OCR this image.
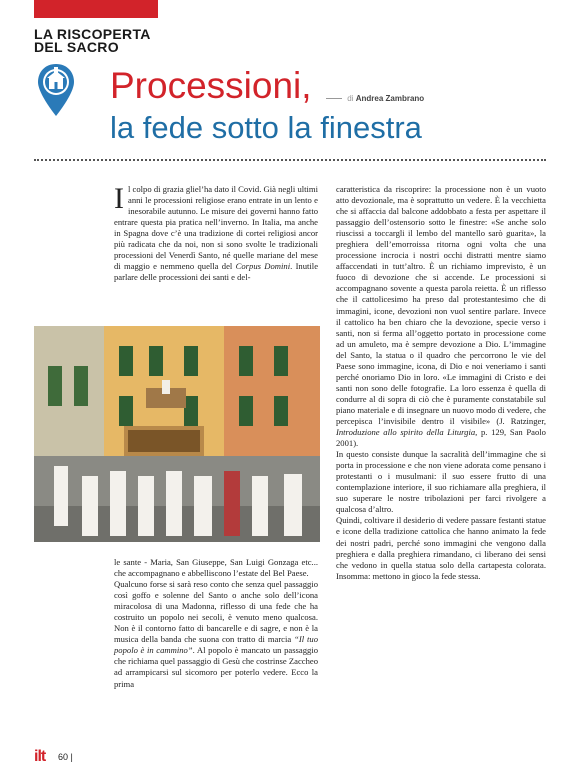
LA RISCOPERTA
DEL SACRO
Processioni,
la fede sotto la finestra
di Andrea Zambrano

Il colpo di grazia glielʼha dato il Covid. Già negli ultimi anni le processioni religiose erano entrate in un lento e inesorabile autunno. Le misure dei governi hanno fatto entrare questa pia pratica nellʼinverno. In Italia, ma anche in Spagna dove cʼè una tradizione di cortei religiosi ancor più radicata che da noi, non si sono svolte le tradizionali processioni del Venerdì Santo, né quelle mariane del mese di maggio e nemmeno quella del Corpus Domini. Inutile parlare delle processioni dei santi e del-

le sante - Maria, San Giuseppe, San Luigi Gonzaga etc... che accompagnano e abbelliscono lʼestate del Bel Paese.

Qualcuno forse si sarà reso conto che senza quel passaggio così goffo e solenne del Santo o anche solo dellʼicona miracolosa di una Madonna, riflesso di una fede che ha costruito un popolo nei secoli, è venuto meno qualcosa. Non è il contorno fatto di bancarelle e di sagre, e non è la musica della banda che suona con tratto di marcia “Il tuo popolo è in cammino”. Al popolo è mancato un passaggio che richiama quel passaggio di Gesù che costrinse Zaccheo ad arrampicarsi sul sicomoro per poterlo vedere. Ecco la prima

caratteristica da riscoprire: la processione non è un vuoto atto devozionale, ma è soprattutto un vedere. È la vecchietta che si affaccia dal balcone addobbato a festa per aspettare il passaggio dellʼostensorio sotto le finestre: «Se anche solo riuscissi a toccargli il lembo del mantello sarò guarita», la preghiera dellʼemorroissa ritorna ogni volta che una processione incrocia i nostri occhi distratti mentre siamo affaccendati in tuttʼaltro. È un richiamo imprevisto, è un fuoco di devozione che si accende. Le processioni si accompagnano sovente a questa parola reietta. È un riflesso che il cattolicesimo ha preso dal protestantesimo che di immagini, icone, devozioni non vuol sentire parlare. Invece il cattolico ha ben chiaro che la devozione, specie verso i santi, non si ferma allʼoggetto portato in processione come ad un amuleto, ma è sempre devozione a Dio. Lʼimmagine del Santo, la statua o il quadro che percorrono le vie del Paese sono immagine, icona, di Dio e noi veneriamo i santi perché onoriamo Dio in loro. «Le immagini di Cristo e dei santi non sono delle fotografie. La loro essenza è quella di condurre al di sopra di ciò che è puramente constatabile sul piano materiale e di insegnare un nuovo modo di vedere, che percepisca lʼinvisibile dentro il visibile» (J. Ratzinger, Introduzione allo spirito della Liturgia, p. 129, San Paolo 2001).

In questo consiste dunque la sacralità dellʼimmagine che si porta in processione e che non viene adorata come pensano i protestanti o i musulmani: il suo essere frutto di una contemplazione interiore, il suo richiamare alla preghiera, il suo superare le nostre tribolazioni per farci rivolgere a qualcosa dʼaltro.

Quindi, coltivare il desiderio di vedere passare festanti statue e icone della tradizione cattolica che hanno animato la fede dei nostri padri, perché sono immagini che vengono dalla preghiera e dalla preghiera rimandano, ci liberano dei sensi che vedono in quella statua solo della cartapesta colorata. Insomma: mettono in gioco la fede stessa.

ilt 60 |
